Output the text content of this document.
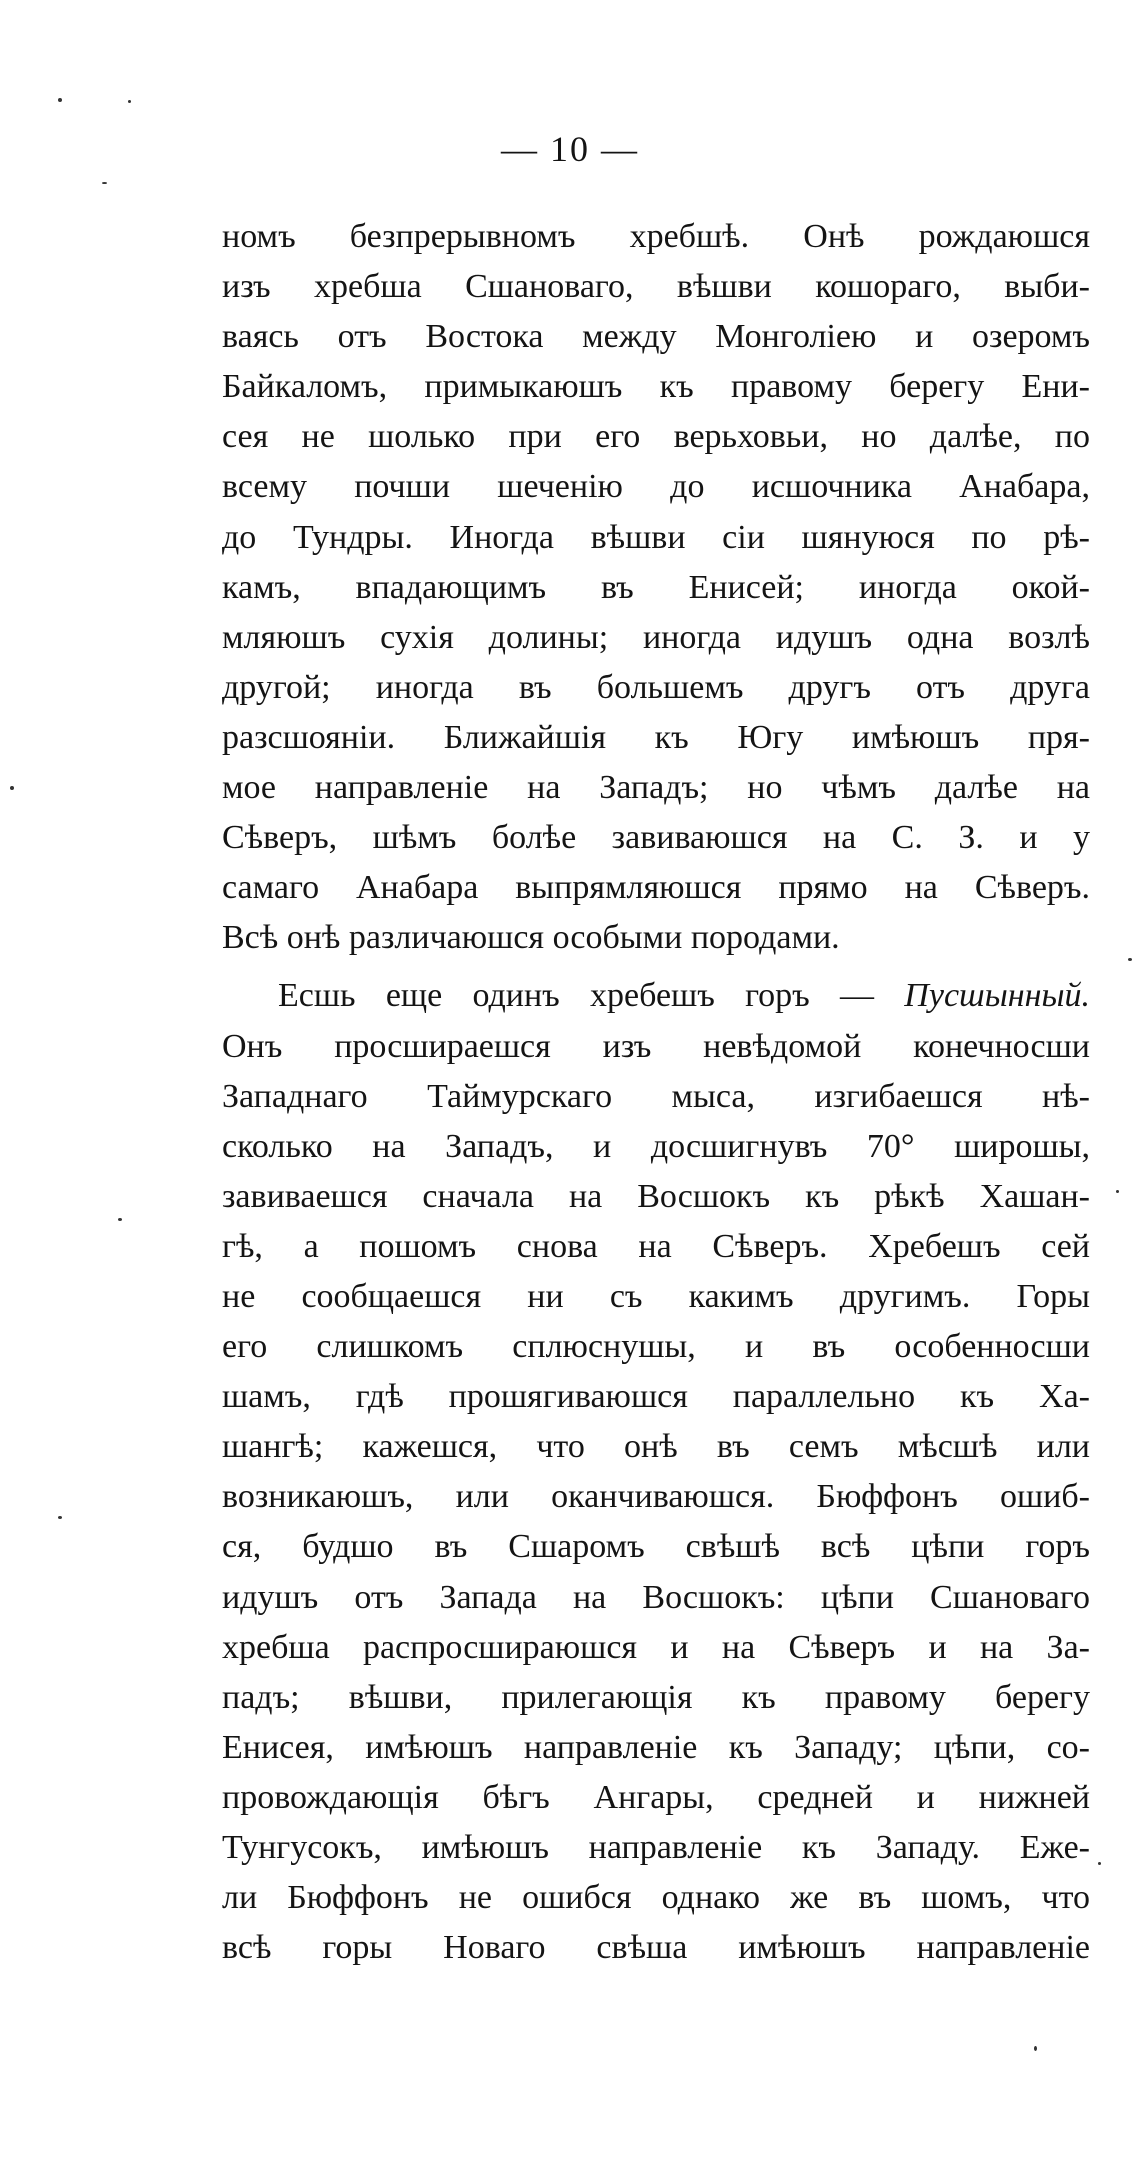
— 10 —
номъ безпрерывномъ хребшѣ. Онѣ рождаюшся
изъ хребша Сшановаго, вѣшви кошораго, выби-
ваясь отъ Востока между Монголіею и озеромъ
Байкаломъ, примыкаюшъ къ правому берегу Ени-
сея не шолько при его верьховьи, но далѣе, по
всему почши шеченію до исшочника Анабара,
до Тундры. Иногда вѣшви сіи шянуюся по рѣ-
камъ, впадающимъ въ Енисей; иногда окой-
мляюшъ сухія долины; иногда идушъ одна возлѣ
другой; иногда въ большемъ другъ отъ друга
разсшояніи. Ближайшія къ Югу имѣюшъ пря-
мое направленіе на Западъ; но чѣмъ далѣе на
Сѣверъ, шѣмъ болѣе завиваюшся на С. З. и у
самаго Анабара выпрямляюшся прямо на Сѣверъ.
Всѣ онѣ различаюшся особыми породами.
Есшь еще одинъ хребешъ горъ — Пусшынный.
Онъ просшираешся изъ невѣдомой конечносши
Западнаго Таймурскаго мыса, изгибаешся нѣ-
сколько на Западъ, и досшигнувъ 70° широшы,
завиваешся сначала на Восшокъ къ рѣкѣ Хашан-
гѣ, а пошомъ снова на Сѣверъ. Хребешъ сей
не сообщаешся ни съ какимъ другимъ. Горы
его слишкомъ сплюснушы, и въ особенносши
шамъ, гдѣ прошягиваюшся параллельно къ Ха-
шангѣ; кажешся, что онѣ въ семъ мѣсшѣ или
возникаюшъ, или оканчиваюшся. Бюффонъ ошиб-
ся, будшо въ Сшаромъ свѣшѣ всѣ цѣпи горъ
идушъ отъ Запада на Восшокъ: цѣпи Сшановаго
хребша распросшираюшся и на Сѣверъ и на За-
падъ; вѣшви, прилегающія къ правому берегу
Енисея, имѣюшъ направленіе къ Западу; цѣпи, со-
провождающія бѣгъ Ангары, средней и нижней
Тунгусокъ, имѣюшъ направленіе къ Западу. Еже-
ли Бюффонъ не ошибся однако же въ шомъ, что
всѣ горы Новаго свѣша имѣюшъ направленіе
